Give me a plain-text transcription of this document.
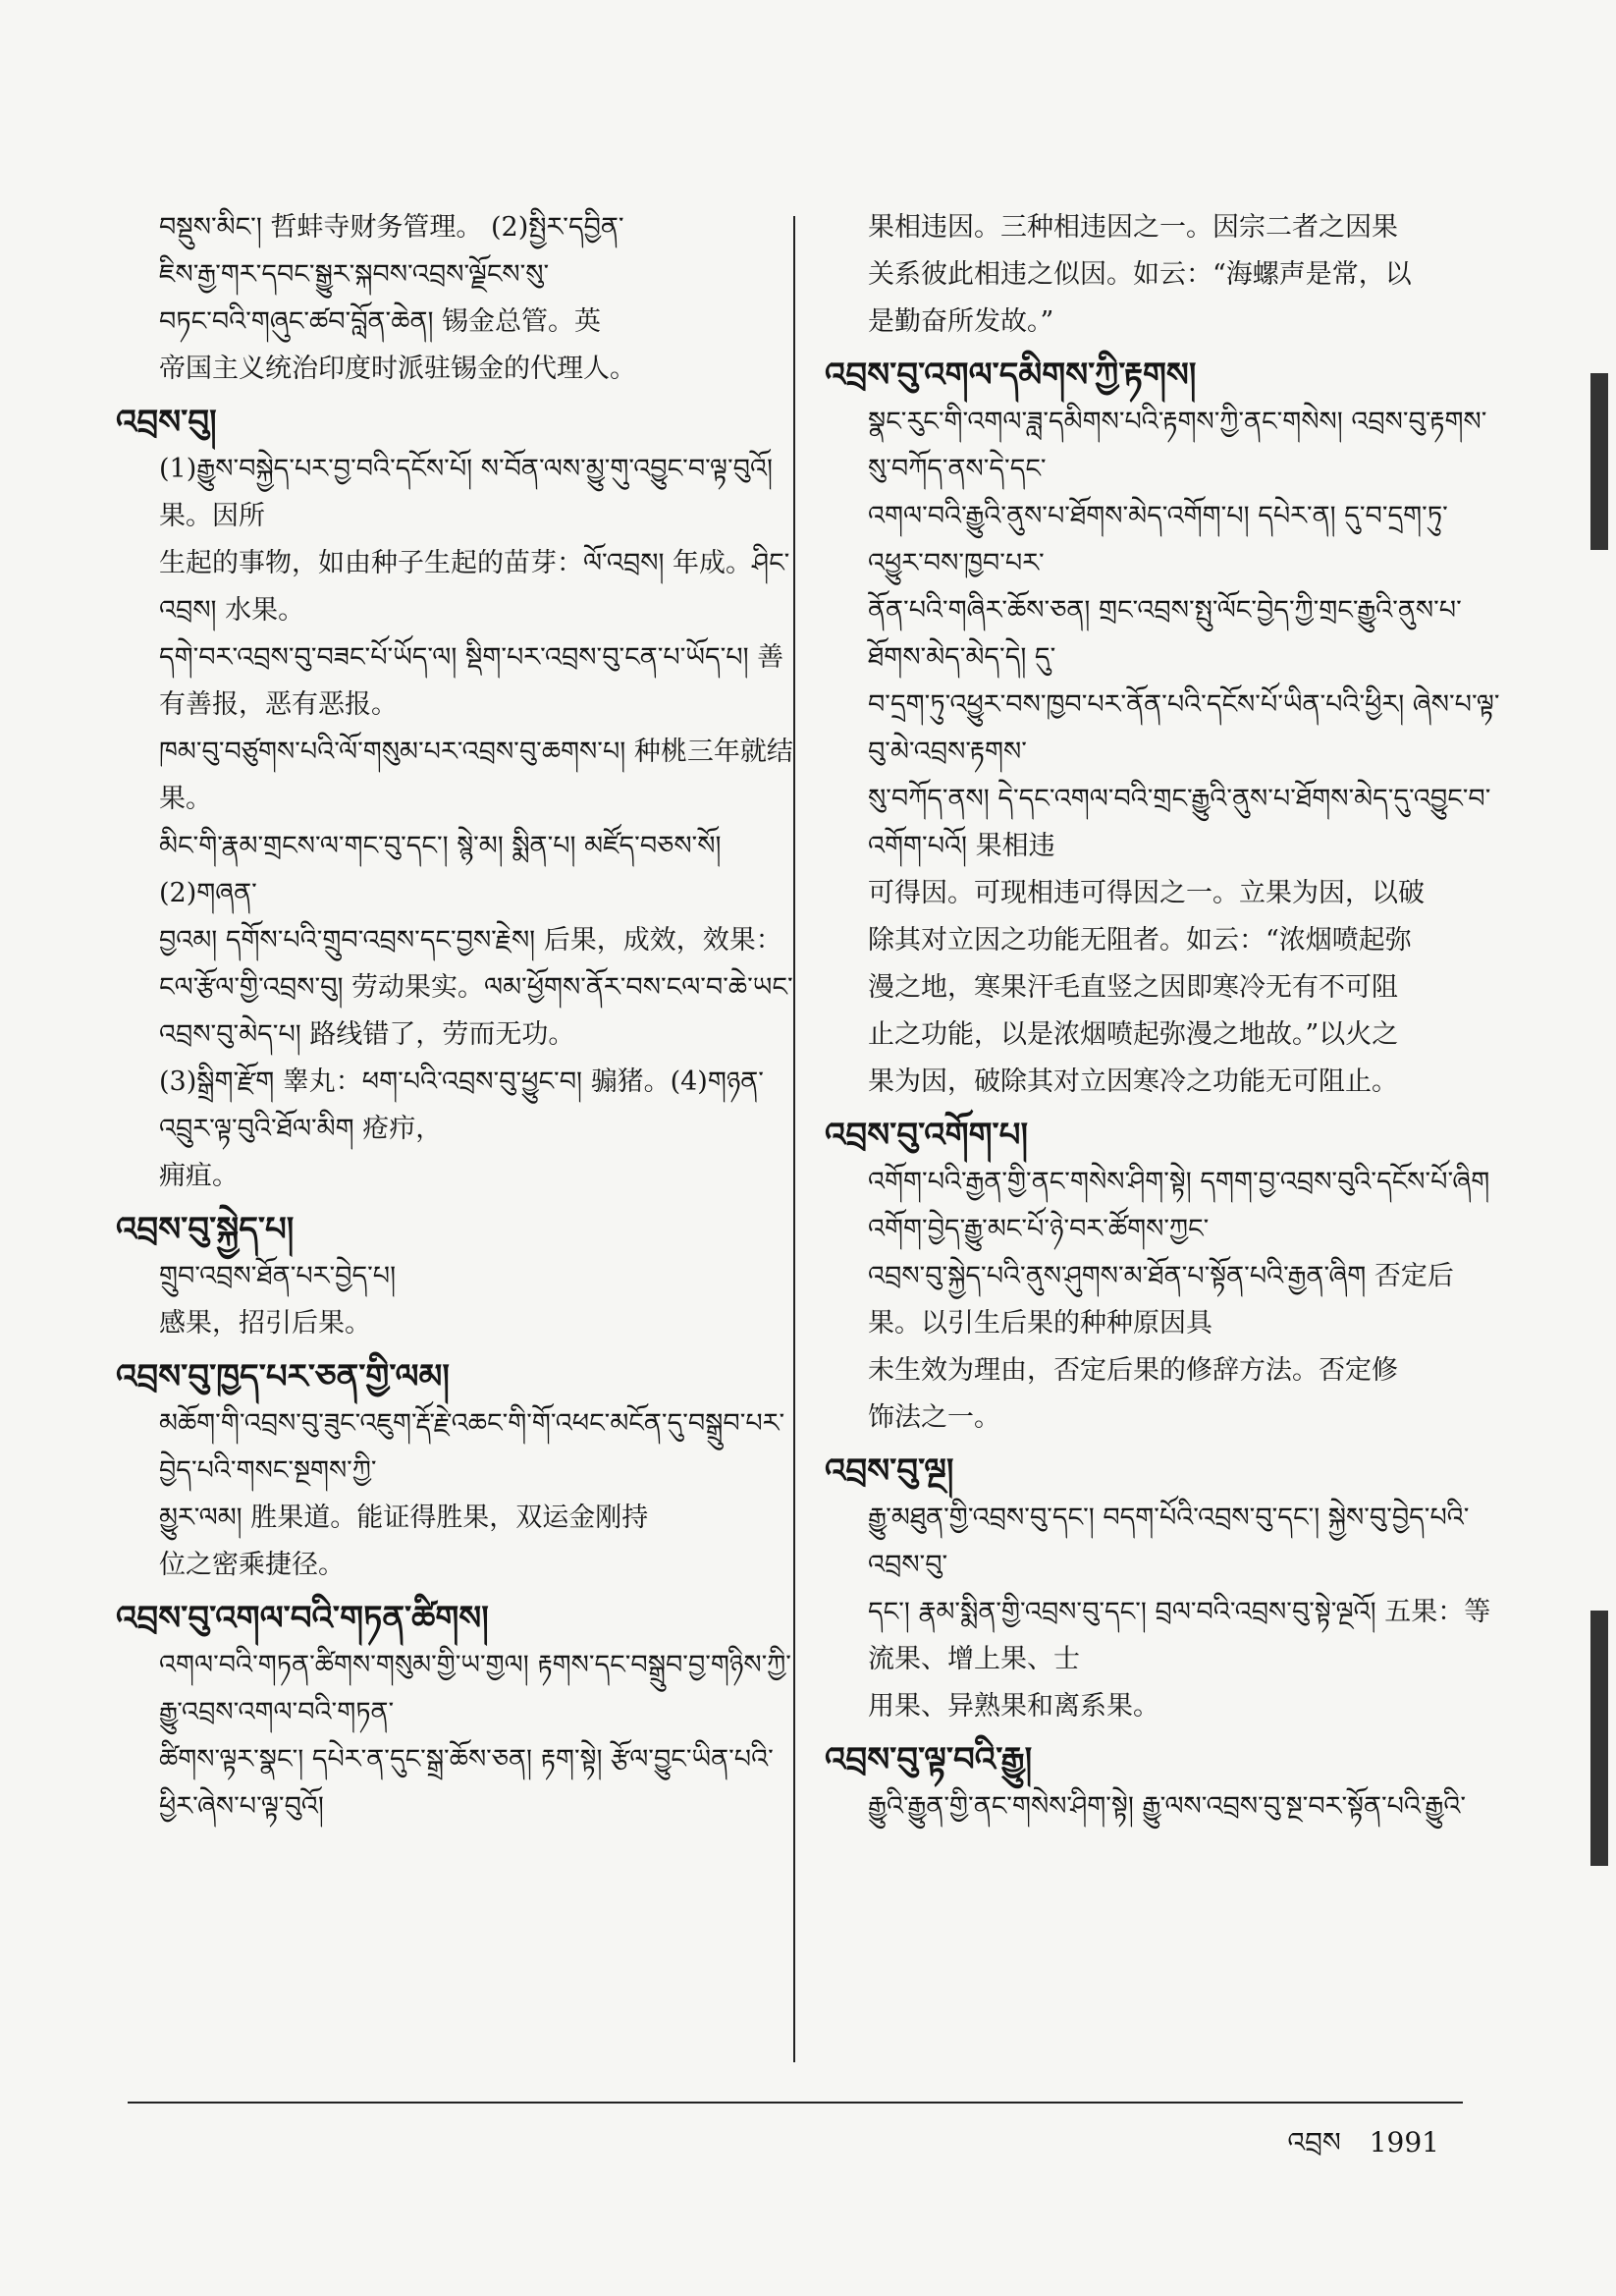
བསྡུས་མིང་། 哲蚌寺财务管理。 (2)སྤྱིར་དབྱིན་
ཇིས་རྒྱ་གར་དབང་སྒྱུར་སྐབས་འབྲས་ལྗོངས་སུ་
བཏང་བའི་གཞུང་ཚབ་བློན་ཆེན། 锡金总管。英
帝国主义统治印度时派驻锡金的代理人。
འབྲས་བུ།
(1)རྒྱུས་བསྐྱེད་པར་བྱ་བའི་དངོས་པོ། ས་བོན་ལས་མྱུ་གུ་འབྱུང་བ་ལྟ་བུའོ། 果。因所
生起的事物，如由种子生起的苗芽：ལོ་འབྲས། 年成。ཤིང་འབྲས། 水果。
དགེ་བར་འབྲས་བུ་བཟང་པོ་ཡོད་ལ། སྡིག་པར་འབྲས་བུ་ངན་པ་ཡོད་པ། 善有善报，恶有恶报。
ཁམ་བུ་བཙུགས་པའི་ལོ་གསུམ་པར་འབྲས་བུ་ཆགས་པ། 种桃三年就结果。
མིང་གི་རྣམ་གྲངས་ལ་གང་བུ་དང་། སྙེ་མ། སྨིན་པ། མཛོད་བཅས་སོ། (2)གཞན་
བྱའམ། དགོས་པའི་གྲུབ་འབྲས་དང་བྱས་རྗེས། 后果，成效，效果：
ངལ་རྩོལ་གྱི་འབྲས་བུ། 劳动果实。ལམ་ཕྱོགས་ནོར་བས་ངལ་བ་ཆེ་ཡང་
འབྲས་བུ་མེད་པ། 路线错了，劳而无功。
(3)སྒྲིག་རྫོག 睾丸：ཕག་པའི་འབྲས་བུ་ཕྱུང་བ། 骟猪。(4)གཉན་འབྲུར་ལྟ་བུའི་ཐོལ་མིག 疮疖，
痈疽。
འབྲས་བུ་སྐྱེད་པ།
གྲུབ་འབྲས་ཐོན་པར་བྱེད་པ།
感果，招引后果。
འབྲས་བུ་ཁྱད་པར་ཅན་གྱི་ལམ།
མཆོག་གི་འབྲས་བུ་ཟུང་འཇུག་རྡོ་རྗེ་འཆང་གི་གོ་འཕང་མངོན་དུ་བསྒྲུབ་པར་བྱེད་པའི་གསང་སྔགས་ཀྱི་
མྱུར་ལམ། 胜果道。能证得胜果，双运金刚持
位之密乘捷径。
འབྲས་བུ་འགལ་བའི་གཏན་ཚིགས།
འགལ་བའི་གཏན་ཚིགས་གསུམ་གྱི་ཡ་གྱལ། རྟགས་དང་བསྒྲུབ་བྱ་གཉིས་ཀྱི་རྒྱུ་འབྲས་འགལ་བའི་གཏན་
ཚིགས་ལྟར་སྣང་། དཔེར་ན་དུང་སྒྲ་ཆོས་ཅན། རྟག་སྟེ། རྩོལ་བྱུང་ཡིན་པའི་ཕྱིར་ཞེས་པ་ལྟ་བུའོ།
果相违因。三种相违因之一。因宗二者之因果
关系彼此相违之似因。如云：“海螺声是常，以
是勤奋所发故。”
འབྲས་བུ་འགལ་དམིགས་ཀྱི་རྟགས།
སྣང་རུང་གི་འགལ་ཟླ་དམིགས་པའི་རྟགས་ཀྱི་ནང་གསེས། འབྲས་བུ་རྟགས་སུ་བཀོད་ནས་དེ་དང་
འགལ་བའི་རྒྱུའི་ནུས་པ་ཐོགས་མེད་འགོག་པ། དཔེར་ན། དུ་བ་དྲག་ཏུ་འཕྱུར་བས་ཁྱབ་པར་
ནོན་པའི་གཞིར་ཆོས་ཅན། གྲང་འབྲས་སྤུ་ལོང་བྱེད་ཀྱི་གྲང་རྒྱུའི་ནུས་པ་ཐོགས་མེད་མེད་དེ། དུ་
བ་དྲག་ཏུ་འཕྱུར་བས་ཁྱབ་པར་ནོན་པའི་དངོས་པོ་ཡིན་པའི་ཕྱིར། ཞེས་པ་ལྟ་བུ་མེ་འབྲས་རྟགས་
སུ་བཀོད་ནས། དེ་དང་འགལ་བའི་གྲང་རྒྱུའི་ནུས་པ་ཐོགས་མེད་དུ་འབྱུང་བ་འགོག་པའོ། 果相违
可得因。可现相违可得因之一。立果为因，以破
除其对立因之功能无阻者。如云：“浓烟喷起弥
漫之地，寒果汗毛直竖之因即寒冷无有不可阻
止之功能，以是浓烟喷起弥漫之地故。”以火之
果为因，破除其对立因寒冷之功能无可阻止。
འབྲས་བུ་འགོག་པ།
འགོག་པའི་རྒྱན་གྱི་ནང་གསེས་ཤིག་སྟེ། དགག་བྱ་འབྲས་བུའི་དངོས་པོ་ཞིག འགོག་བྱེད་རྒྱུ་མང་པོ་ཉེ་བར་ཚོགས་ཀྱང་
འབྲས་བུ་སྐྱེད་པའི་ནུས་ཤུགས་མ་ཐོན་པ་སྟོན་པའི་རྒྱན་ཞིག 否定后果。以引生后果的种种原因具
未生效为理由，否定后果的修辞方法。否定修
饰法之一。
འབྲས་བུ་ལྔ།
རྒྱུ་མཐུན་གྱི་འབྲས་བུ་དང་། བདག་པོའི་འབྲས་བུ་དང་། སྐྱེས་བུ་བྱེད་པའི་འབྲས་བུ་
དང་། རྣམ་སྨིན་གྱི་འབྲས་བུ་དང་། བྲལ་བའི་འབྲས་བུ་སྟེ་ལྔའོ། 五果：等流果、增上果、士
用果、异熟果和离系果。
འབྲས་བུ་ལྟ་བའི་རྒྱུ།
རྒྱུའི་རྒྱུན་གྱི་ནང་གསེས་ཤིག་སྟེ། རྒྱུ་ལས་འབྲས་བུ་སྔ་བར་སྟོན་པའི་རྒྱུའི་
འབྲས 1991
